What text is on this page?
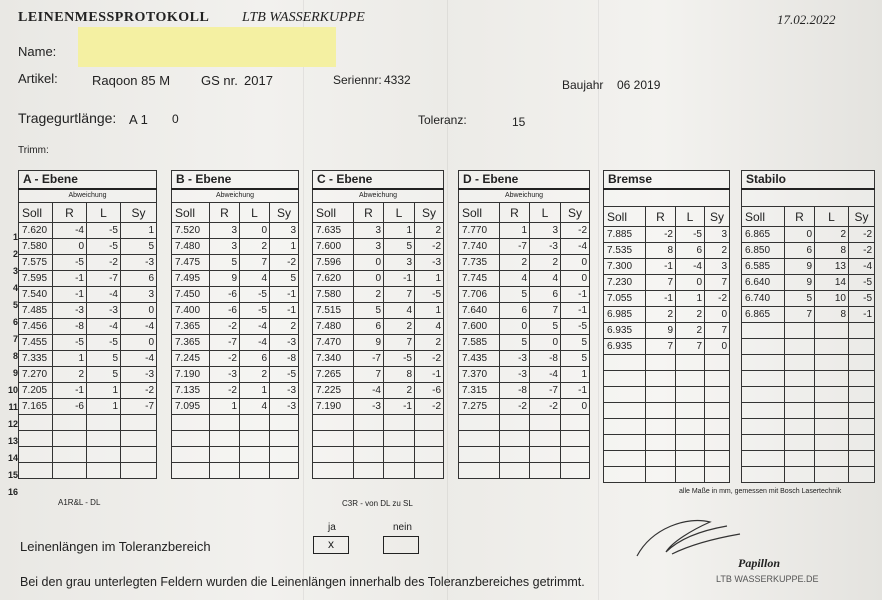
LEINENMESSPROTOKOLL LTB WASSERKUPPE	17.02.2022
Name:
Artikel:	Raqoon 85 M GS nr. 2017	Seriennr: 4332	Baujahr 06 2019
Tragegurtlänge: A 1 0	Toleranz:	15
Trimm:
1
2
3
4
5
6
7
8
9
10
11
12
13
14
15
16
A - Ebene			
Abweichung			
Soll	R	L	Sy
7.620	-4	-5	1
7.580	0	-5	5
7.575	-5	-2	-3
7.595	-1	-7	6
7.540	-1	-4	3
7.485	-3	-3	0
7.456	-8	-4	-4
7.455	-5	-5	0
7.335	1	5	-4
7.270	2	5	-3
7.205	-1	1	-2
7.165	-6	1	-7

B - Ebene			
Abweichung			
Soll	R	L	Sy
7.520	3	0	3
7.480	3	2	1
7.475	5	7	-2
7.495	9	4	5
7.450	-6	-5	-1
7.400	-6	-5	-1
7.365	-2	-4	2
7.365	-7	-4	-3
7.245	-2	6	-8
7.190	-3	2	-5
7.135	-2	1	-3
7.095	1	4	-3

C - Ebene			
Abweichung			
Soll	R	L	Sy
7.635	3	1	2
7.600	3	5	-2
7.596	0	3	-3
7.620	0	-1	1
7.580	2	7	-5
7.515	5	4	1
7.480	6	2	4
7.470	9	7	2
7.340	-7	-5	-2
7.265	7	8	-1
7.225	-4	2	-6
7.190	-3	-1	-2

D - Ebene			
Abweichung			
Soll	R	L	Sy
7.770	1	3	-2
7.740	-7	-3	-4
7.735	2	2	0
7.745	4	4	0
7.706	5	6	-1
7.640	6	7	-1
7.600	0	5	-5
7.585	5	0	5
7.435	-3	-8	5
7.370	-3	-4	1
7.315	-8	-7	-1
7.275	-2	-2	0

Bremse			

Soll	R	L	Sy
7.885	-2	-5	3
7.535	8	6	2
7.300	-1	-4	3
7.230	7	0	7
7.055	-1	1	-2
6.985	2	2	0
6.935	9	2	7
6.935	7	7	0

Stabilo			

Soll	R	L	Sy
6.865	0	2	-2
6.850	6	8	-2
6.585	9	13	-4
6.640	9	14	-5
6.740	5	10	-5
6.865	7	8	-1

A1R&L - DL	C3R - von DL zu SL
alle Maße in mm, gemessen mit Bosch Lasertechnik
Leinenlängen im Toleranzbereich
ja
x
nein
Bei den grau unterlegten Feldern wurden die Leinenlängen innerhalb des Toleranzbereiches getrimmt.
Papillon
LTB WASSERKUPPE.DE
